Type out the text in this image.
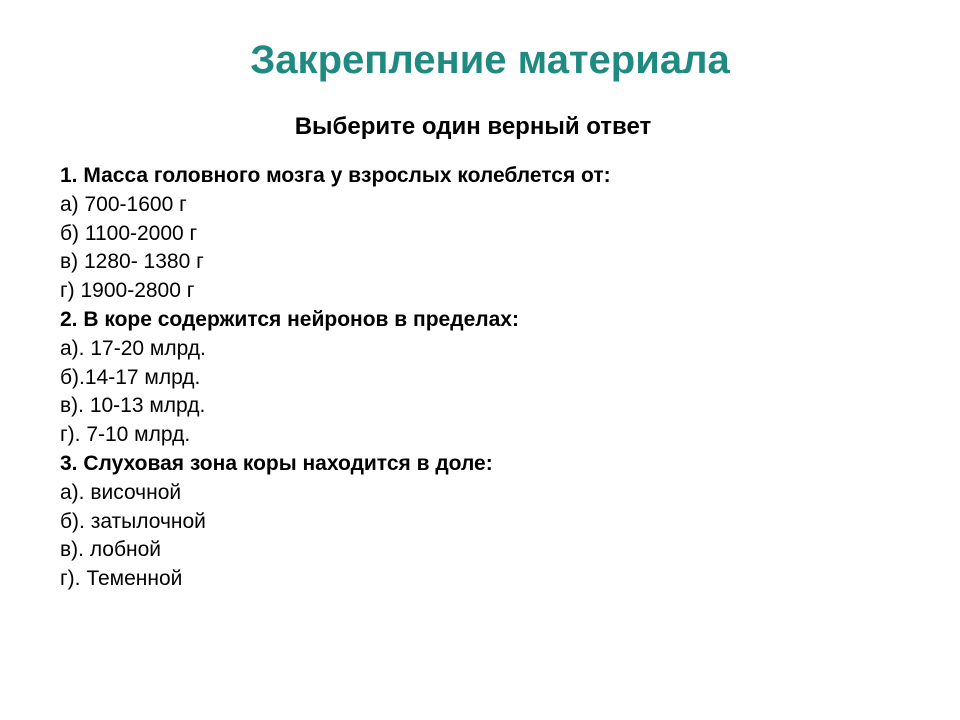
Закрепление материала
Выберите один верный ответ
1. Масса головного мозга у взрослых колеблется от:
а) 700-1600 г
б) 1100-2000 г
в) 1280- 1380 г
г) 1900-2800 г
2. В коре содержится нейронов в пределах:
а). 17-20 млрд.
б).14-17 млрд.
в). 10-13 млрд.
г). 7-10 млрд.
3. Слуховая зона коры находится в доле:
а). височной
б). затылочной
в). лобной
г). Теменной
